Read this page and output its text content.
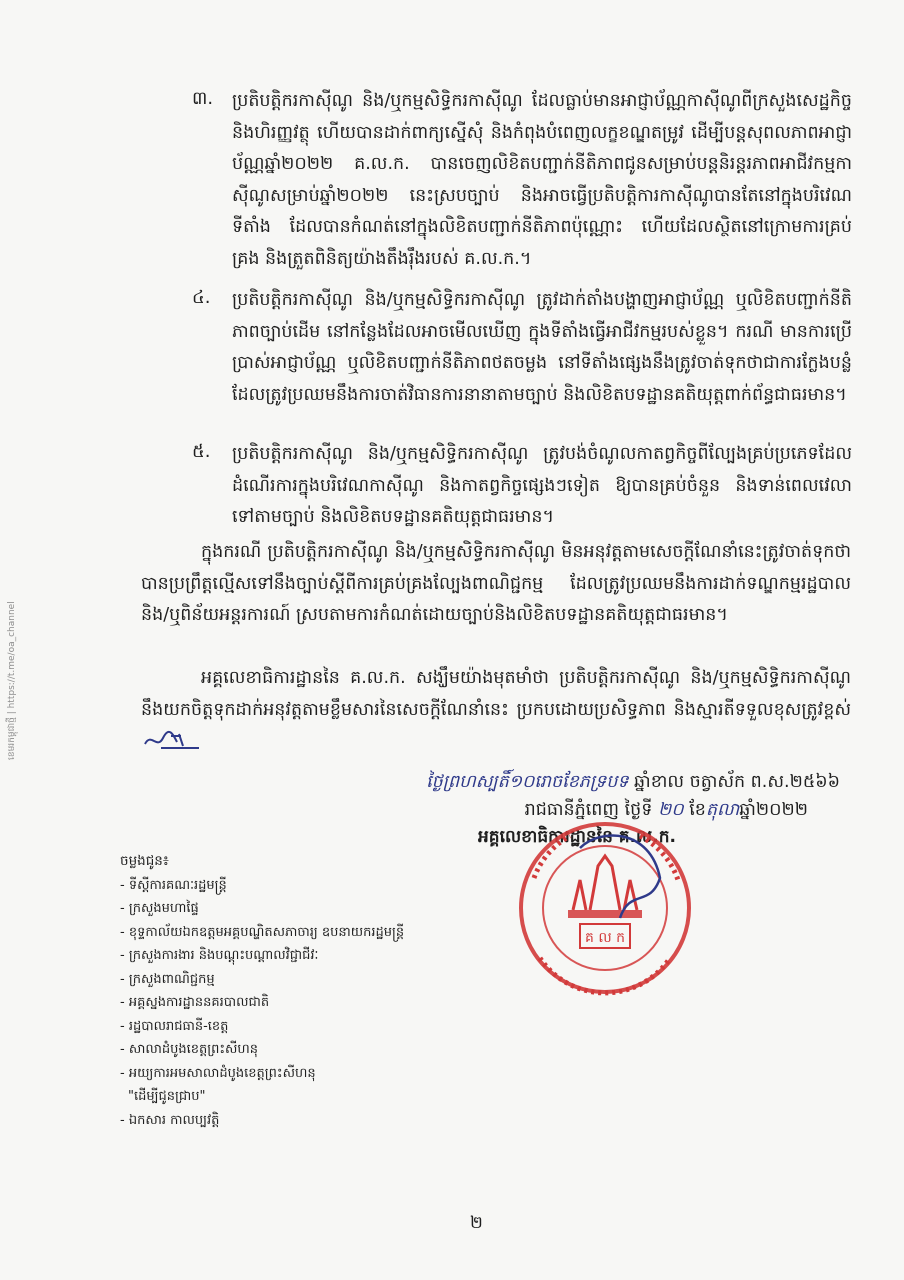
ខេមរកម្ពុជាថ្មី | https://t.me/oa_channel
៣. ប្រតិបត្តិករកាស៊ីណូ និង/ឬកម្មសិទ្ធិករកាស៊ីណូ ដែលធ្លាប់មានអាជ្ញាប័ណ្ណកាស៊ីណូពីក្រសួងសេដ្ឋកិច្ចនិងហិរញ្ញវត្ថុ ហើយបានដាក់ពាក្យស្នើសុំ និងកំពុងបំពេញលក្ខខណ្ឌតម្រូវ ដើម្បីបន្តសុពលភាពអាជ្ញាប័ណ្ណឆ្នាំ២០២២ គ.ល.ក. បានចេញលិខិតបញ្ជាក់នីតិភាពជូនសម្រាប់បន្តនិរន្តរភាពអាជីវកម្មកាស៊ីណូសម្រាប់ឆ្នាំ២០២២ នេះស្របច្បាប់ និងអាចធ្វើប្រតិបត្តិការកាស៊ីណូបានតែនៅក្នុងបរិវេណទីតាំង ដែលបានកំណត់នៅក្នុងលិខិតបញ្ជាក់នីតិភាពប៉ុណ្ណោះ ហើយដែលស្ថិតនៅក្រោមការគ្រប់គ្រង និងត្រួតពិនិត្យយ៉ាងតឹងរ៉ឹងរបស់ គ.ល.ក.។
៤. ប្រតិបត្តិករកាស៊ីណូ និង/ឬកម្មសិទ្ធិករកាស៊ីណូ ត្រូវដាក់តាំងបង្ហាញអាជ្ញាប័ណ្ណ ឬលិខិតបញ្ជាក់នីតិភាពច្បាប់ដើម នៅកន្លែងដែលអាចមើលឃើញ ក្នុងទីតាំងធ្វើអាជីវកម្មរបស់ខ្លួន។ ករណី មានការប្រើប្រាស់អាជ្ញាប័ណ្ណ ឬលិខិតបញ្ជាក់នីតិភាពថតចម្លង នៅទីតាំងផ្សេងនឹងត្រូវចាត់ទុកថាជាការក្លែងបន្លំ ដែលត្រូវប្រឈមនឹងការចាត់វិធានការនានាតាមច្បាប់ និងលិខិតបទដ្ឋានគតិយុត្តពាក់ព័ន្ធជាធរមាន។
៥. ប្រតិបត្តិករកាស៊ីណូ និង/ឬកម្មសិទ្ធិករកាស៊ីណូ ត្រូវបង់ចំណូលកាតព្វកិច្ចពីល្បែងគ្រប់ប្រភេទដែលដំណើរការក្នុងបរិវេណកាស៊ីណូ និងកាតព្វកិច្ចផ្សេងៗទៀត ឱ្យបានគ្រប់ចំនួន និងទាន់ពេលវេលា ទៅតាមច្បាប់ និងលិខិតបទដ្ឋានគតិយុត្តជាធរមាន។
ក្នុងករណី ប្រតិបត្តិករកាស៊ីណូ និង/ឬកម្មសិទ្ធិករកាស៊ីណូ មិនអនុវត្តតាមសេចក្តីណែនាំនេះត្រូវចាត់ទុកថាបានប្រព្រឹត្តល្មើសទៅនឹងច្បាប់ស្តីពីការគ្រប់គ្រងល្បែងពាណិជ្ជកម្ម ដែលត្រូវប្រឈមនឹងការដាក់ទណ្ឌកម្មរដ្ឋបាល និង/ឬពិន័យអន្តរការណ៍ ស្របតាមការកំណត់ដោយច្បាប់និងលិខិតបទដ្ឋានគតិយុត្តជាធរមាន។
អគ្គលេខាធិការដ្ឋាននៃ គ.ល.ក. សង្ឃឹមយ៉ាងមុតមាំថា ប្រតិបត្តិករកាស៊ីណូ និង/ឬកម្មសិទ្ធិករកាស៊ីណូ នឹងយកចិត្តទុកដាក់អនុវត្តតាមខ្លឹមសារនៃសេចក្តីណែនាំនេះ ប្រកបដោយប្រសិទ្ធភាព និងស្មារតីទទួលខុសត្រូវខ្ពស់
ថ្ងៃព្រហស្បតិ៍១០រោចខែភទ្របទ ឆ្នាំខាល ចត្វាស័ក ព.ស.២៥៦៦
រាជធានីភ្នំពេញ ថ្ងៃទី ២០ ខែតុលាឆ្នាំ២០២២
អគ្គលេខាធិការដ្ឋាននៃ គ.ល.ក.
គ ល ក
ចម្លងជូន៖
- ទីស្តីការគណៈរដ្ឋមន្ត្រី
- ក្រសួងមហាផ្ទៃ
- ខុទ្ទកាល័យឯកឧត្តមអគ្គបណ្ឌិតសភាចារ្យ ឧបនាយករដ្ឋមន្ត្រី
- ក្រសួងការងារ និងបណ្តុះបណ្តាលវិជ្ជាជីវៈ
- ក្រសួងពាណិជ្ជកម្ម
- អគ្គស្នងការដ្ឋាននគរបាលជាតិ
- រដ្ឋបាលរាជធានី-ខេត្ត
- សាលាដំបូងខេត្តព្រះសីហនុ
- អយ្យការអមសាលាដំបូងខេត្តព្រះសីហនុ
"ដើម្បីជូនជ្រាប"
- ឯកសារ កាលប្បវត្តិ
២
